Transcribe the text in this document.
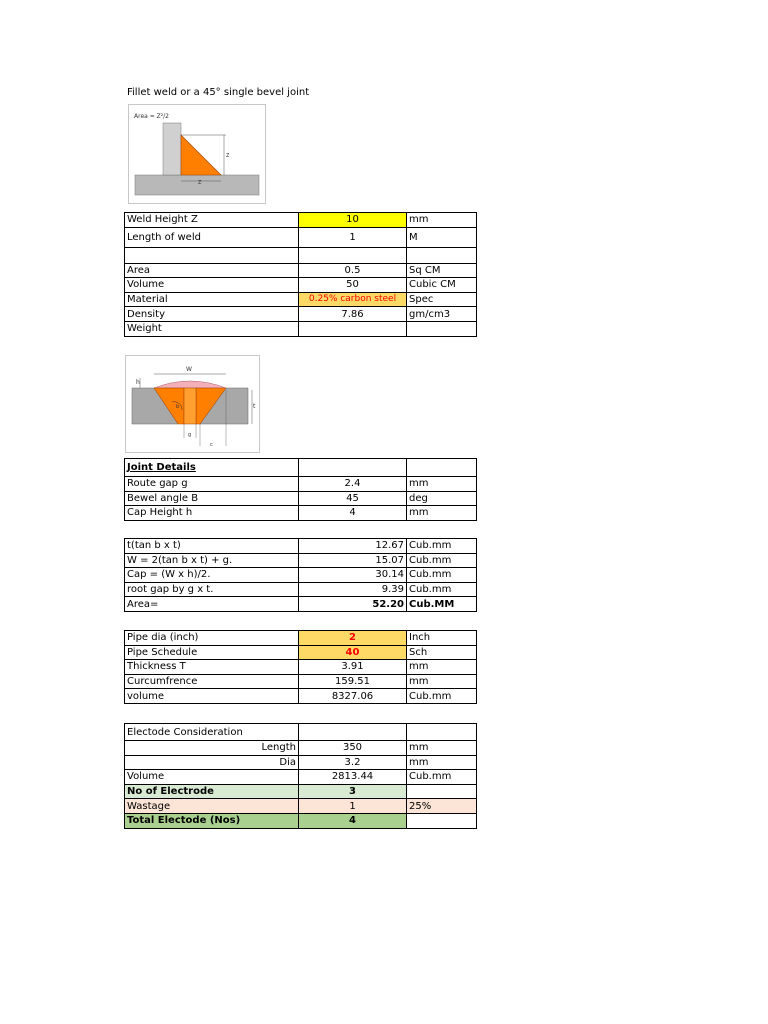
Fillet weld or a 45° single bevel joint
Area = Z²/2
Z
Z
Weld Height Z	10	mm
Length of weld	1	M

Area	0.5	Sq CM
Volume	50	Cubic CM
Material	0.25% carbon steel	Spec
Density	7.86	gm/cm3
Weight		
W
h
b	t
g
c
Joint Details		
Route gap g	2.4	mm
Bewel angle B	45	deg
Cap Height h	4	mm
t(tan b x t)	12.67	Cub.mm
W = 2(tan b x t) + g.	15.07	Cub.mm
Cap = (W x h)/2.	30.14	Cub.mm
root gap by g x t.	9.39	Cub.mm
Area=	52.20	Cub.MM
Pipe dia (inch)	2	Inch
Pipe Schedule	40	Sch
Thickness T	3.91	mm
Curcumfrence	159.51	mm
volume	8327.06	Cub.mm
Electode Consideration		
Length	350	mm
Dia	3.2	mm
Volume	2813.44	Cub.mm
No of Electrode	3	
Wastage	1	25%
Total Electode (Nos)	4	
